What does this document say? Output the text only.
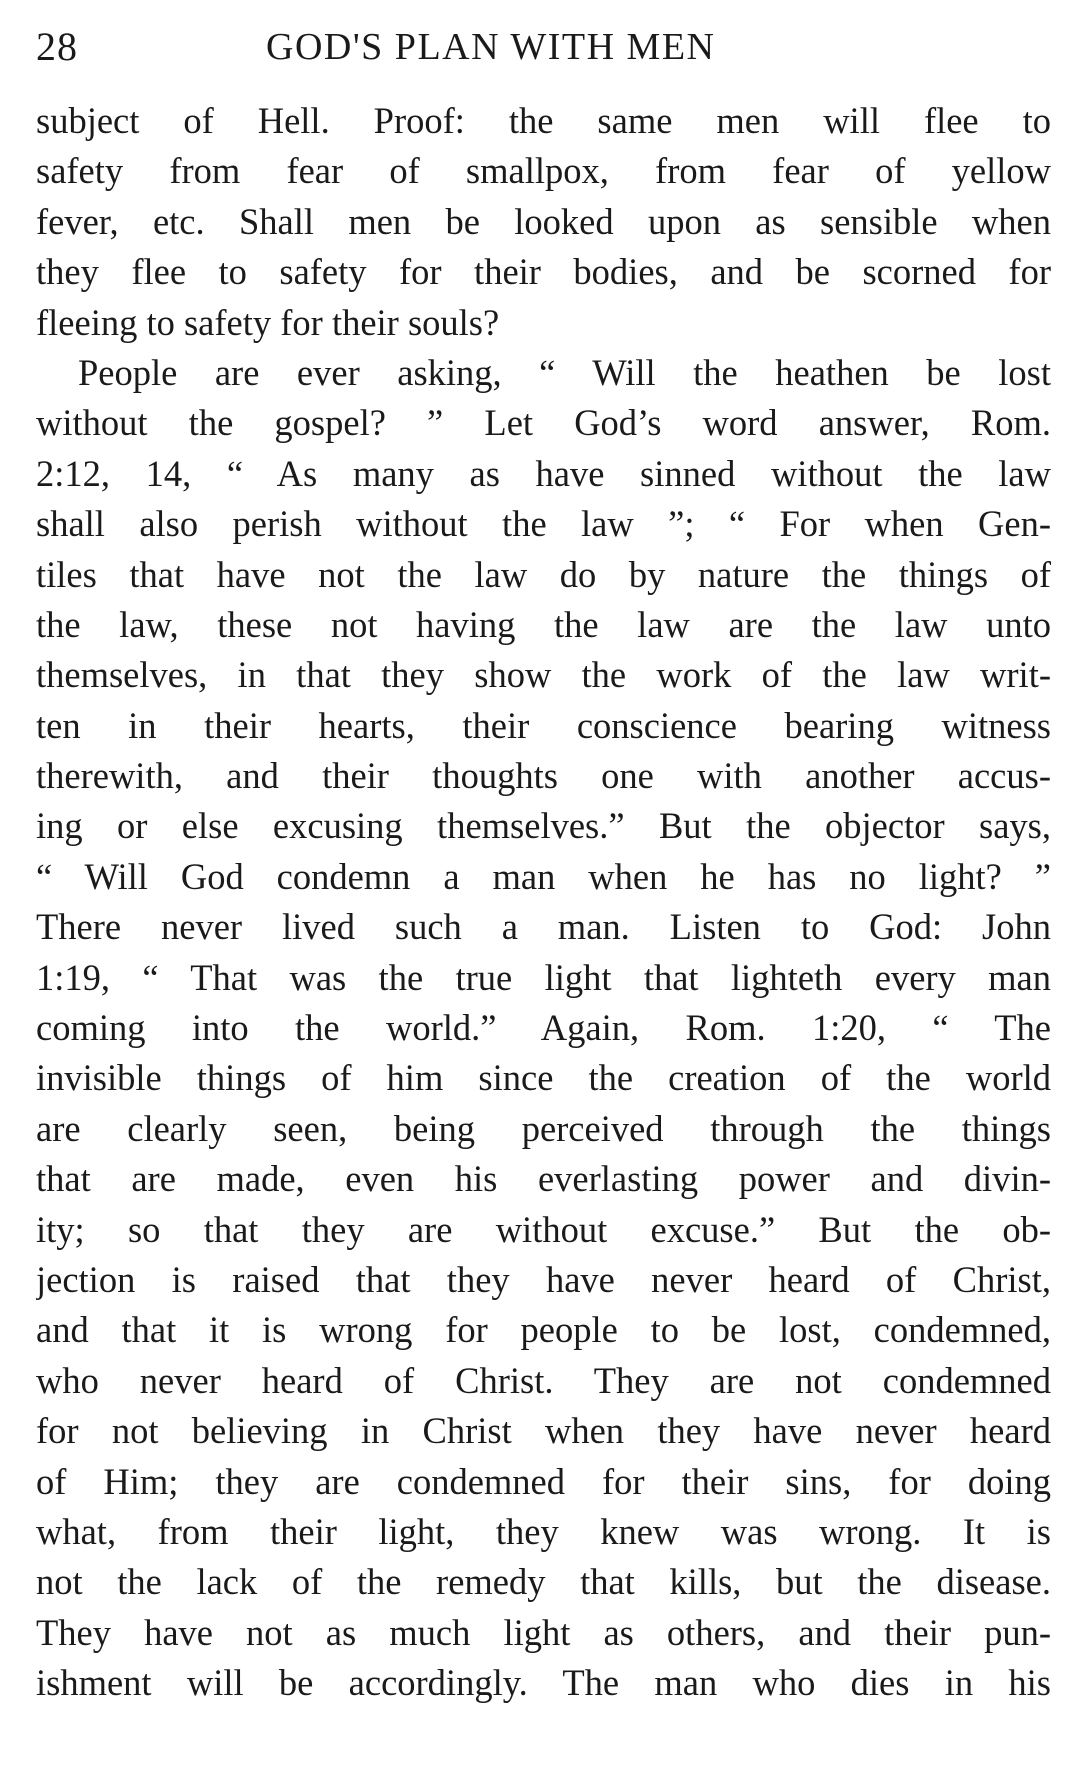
28	GOD'S PLAN WITH MEN
subject of Hell. Proof: the same men will flee to
safety from fear of smallpox, from fear of yellow
fever, etc. Shall men be looked upon as sensible when
they flee to safety for their bodies, and be scorned for
fleeing to safety for their souls?
People are ever asking, “ Will the heathen be lost
without the gospel? ” Let God’s word answer, Rom.
2:12, 14, “ As many as have sinned without the law
shall also perish without the law ”; “ For when Gen-
tiles that have not the law do by nature the things of
the law, these not having the law are the law unto
themselves, in that they show the work of the law writ-
ten in their hearts, their conscience bearing witness
therewith, and their thoughts one with another accus-
ing or else excusing themselves.” But the objector says,
“ Will God condemn a man when he has no light? ”
There never lived such a man. Listen to God: John
1:19, “ That was the true light that lighteth every man
coming into the world.” Again, Rom. 1:20, “ The
invisible things of him since the creation of the world
are clearly seen, being perceived through the things
that are made, even his everlasting power and divin-
ity; so that they are without excuse.” But the ob-
jection is raised that they have never heard of Christ,
and that it is wrong for people to be lost, condemned,
who never heard of Christ. They are not condemned
for not believing in Christ when they have never heard
of Him; they are condemned for their sins, for doing
what, from their light, they knew was wrong. It is
not the lack of the remedy that kills, but the disease.
They have not as much light as others, and their pun-
ishment will be accordingly. The man who dies in his
